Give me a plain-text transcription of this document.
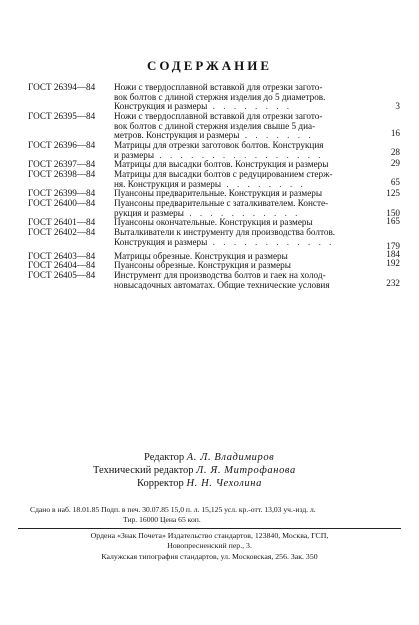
СОДЕРЖАНИЕ
ГОСТ 26394—84	Ножи с твердосплавной вставкой для отрезки загото-
вок болтов с длиной стержня изделия до 5 диаметров.
Конструкция и размеры . . . . . . . .	3
ГОСТ 26395—84	Ножи с твердосплавной вставкой для отрезки загото-
вок болтов с длиной стержня изделия свыше 5 диа-
метров. Конструкция и размеры . . . . . . .	16
ГОСТ 26396—84	Матрицы для отрезки заготовок болтов. Конструкция
и размеры . . . . . . . . . . . . . . . .	28
ГОСТ 26397—84	Матрицы для высадки болтов. Конструкция и размеры	29
ГОСТ 26398—84	Матрицы для высадки болтов с редуцированием стерж-
ня. Конструкция и размеры . . . . . . . .	65
ГОСТ 26399—84	Пуансоны предварительные. Конструкция и размеры	125
ГОСТ 26400—84	Пуансоны предварительные с заталкивателем. Консте-
рукция и размеры . . . . . . . . . . .	150
ГОСТ 26401—84	Пуансоны окончательные. Конструкция и размеры	165
ГОСТ 26402—84	Выталкиватели к инструменту для производства болтов.
Конструкция и размеры . . . . . . . . . . . .	179
ГОСТ 26403—84	Матрицы обрезные. Конструкция и размеры	184
ГОСТ 26404—84	Пуансоны обрезные. Конструкция и размеры	192
ГОСТ 26405—84	Инструмент для производства болтов и гаек на холод-
новысадочных автоматах. Общие технические условия	232
Редактор А. Л. Владимиров
Технический редактор Л. Я. Митрофанова
Корректор Н. Н. Чехолина
Сдано в наб. 18.01.85 Подп. в печ. 30.07.85 15,0 п. л. 15,125 усл. кр.-отт. 13,03 уч.-изд. л.
Тир. 16000 Цена 65 коп.
Ордена «Знак Почета» Издательство стандартов, 123840, Москва, ГСП,
Новопресненский пер., 3.
Калужская типография стандартов, ул. Московская, 256. Зак. 350
